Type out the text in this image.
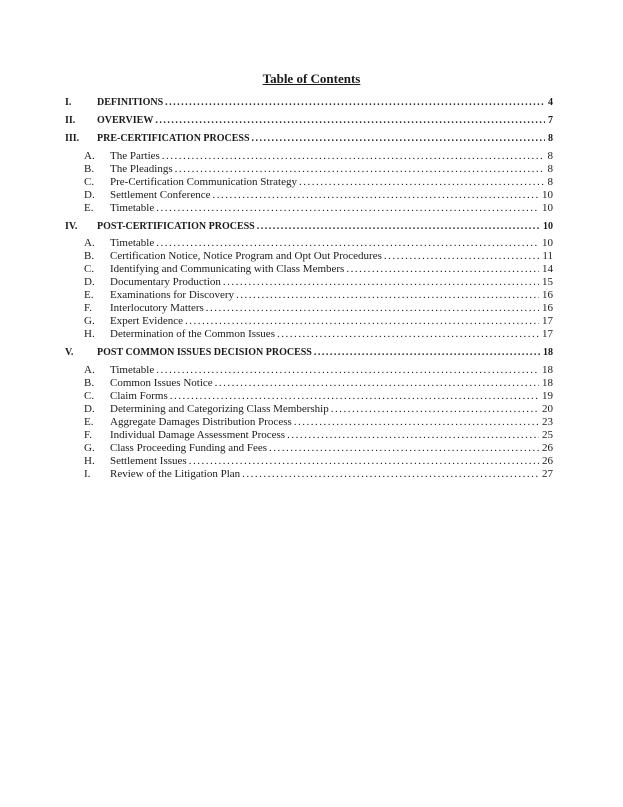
Table of Contents
I.	DEFINITIONS .....	4
II.	OVERVIEW .....	7
III.	PRE-CERTIFICATION PROCESS .....	8
A.	The Parties .....	8
B.	The Pleadings .....	8
C.	Pre-Certification Communication Strategy .....	8
D.	Settlement Conference .....	10
E.	Timetable .....	10
IV.	POST-CERTIFICATION PROCESS .....	10
A.	Timetable .....	10
B.	Certification Notice, Notice Program and Opt Out Procedures .....	11
C.	Identifying and Communicating with Class Members .....	14
D.	Documentary Production .....	15
E.	Examinations for Discovery .....	16
F.	Interlocutory Matters .....	16
G.	Expert Evidence .....	17
H.	Determination of the Common Issues .....	17
V.	POST COMMON ISSUES DECISION PROCESS .....	18
A.	Timetable .....	18
B.	Common Issues Notice .....	18
C.	Claim Forms .....	19
D.	Determining and Categorizing Class Membership .....	20
E.	Aggregate Damages Distribution Process .....	23
F.	Individual Damage Assessment Process .....	25
G.	Class Proceeding Funding and Fees .....	26
H.	Settlement Issues .....	26
I.	Review of the Litigation Plan .....	27
